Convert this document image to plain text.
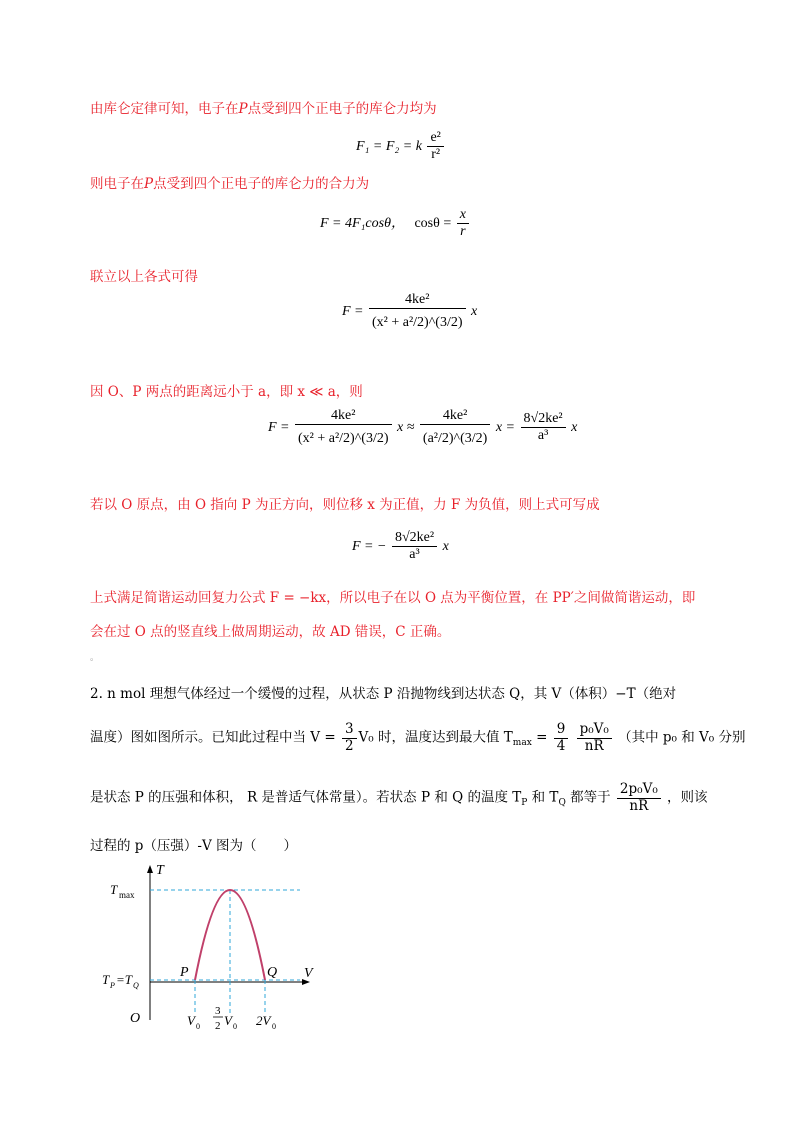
由库仑定律可知，电子在P点受到四个正电子的库仑力均为
F₁ = F₂ = k $\frac{\text{e²}}{\text{r²}}$
则电子在P点受到四个正电子的库仑力的合力为
F = 4F₁cosθ， $\cos\theta = \frac{x}{r}$
联立以上各式可得
$F = \frac{\text{4ke²}}{\text{(x² + a²/2)\textasciicircum{}(3/2)}}$ x
因 O、P 两点的距离远小于 a，即 x ≪ a，则
$F = \frac{\text{4ke²}}{\text{(x² + a²/2)\textasciicircum{}(3/2)}}$ $x \approx \frac{\text{4ke²}}{\text{(a²/2)\textasciicircum{}(3/2)}}$ $x = \frac{\text{8√2ke²}}{\text{a³}}$ x
若以 O 原点，由 O 指向 P 为正方向，则位移 x 为正值，力 F 为负值，则上式可写成
F = − $\frac{\text{8√2ke²}}{\text{a³}}$ x
上式满足简谐运动回复力公式 F = −kx，所以电子在以 O 点为平衡位置，在 PP′之间做简谐运动，即
会在过 O 点的竖直线上做周期运动，故 AD 错误，C 正确。
。
2. n mol 理想气体经过一个缓慢的过程，从状态 P 沿抛物线到达状态 Q，其 V（体积）−T（绝对
温度）图如图所示。已知此过程中当 $V = \frac{3}{2} V_0$ 时，温度达到最大值 $T_{max} = \frac{9}{4}$
$\frac{\text{p₀V₀}}{nR}$ （其中 p₀ 和 V₀ 分别
是状态 P 的压强和体积， R 是普适气体常量）。若状态 P 和 Q 的温度 $T_P$ 和 $T_Q$ 都等于 $\frac{\text{2p₀V₀}}{nR}$ ，则该
过程的 p（压强）-V 图为（　　）
T
V
O
T max
T P =T Q
P	Q
V 0
3
2 V 0 2V 0
